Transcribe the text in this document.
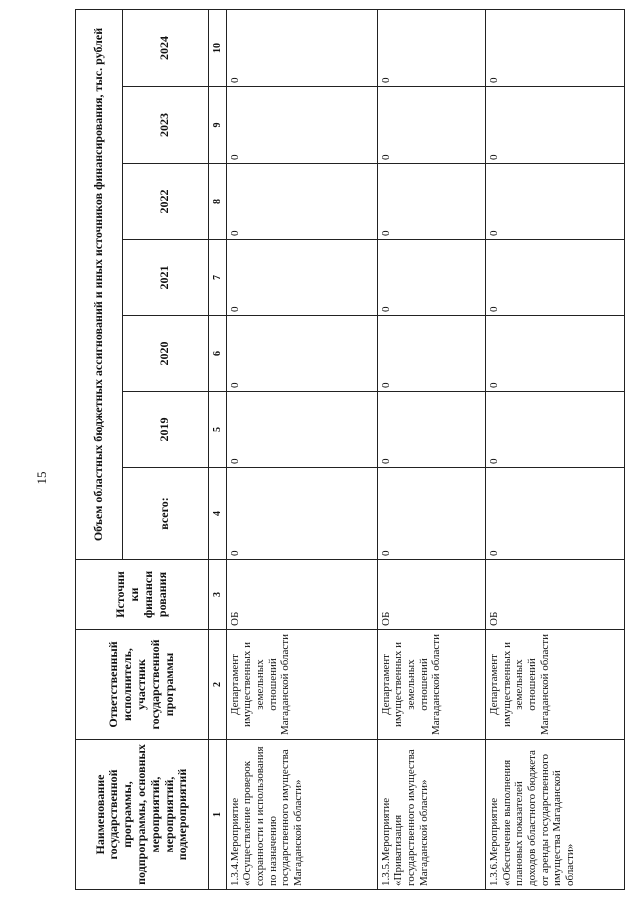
15
Наименование государственной программы, подпрограммы, основных мероприятий, мероприятий, подмероприятий	Ответственный исполнитель, участник государственной программы	Источни ки финанси рования	Объем областных бюджетных ассигнований и иных источников финансирования, тыс. рублей						
			всего:	2019	2020	2021	2022	2023	2024
1	2	3	4	5	6	7	8	9	10
1.3.4.Мероприятие «Осуществление проверок сохранности и использования по назначению государственного имущества Магаданской области»	Департамент имущественных и земельных отношений Магаданской области	ОБ	0	0	0	0	0	0	0
1.3.5.Мероприятие «Приватизация государственного имущества Магаданской области»	Департамент имущественных и земельных отношений Магаданской области	ОБ	0	0	0	0	0	0	0
1.3.6.Мероприятие «Обеспечение выполнения плановых показателей доходов областного бюджета от аренды государственного имущества Магаданской области»	Департамент имущественных и земельных отношений Магаданской области	ОБ	0	0	0	0	0	0	0
